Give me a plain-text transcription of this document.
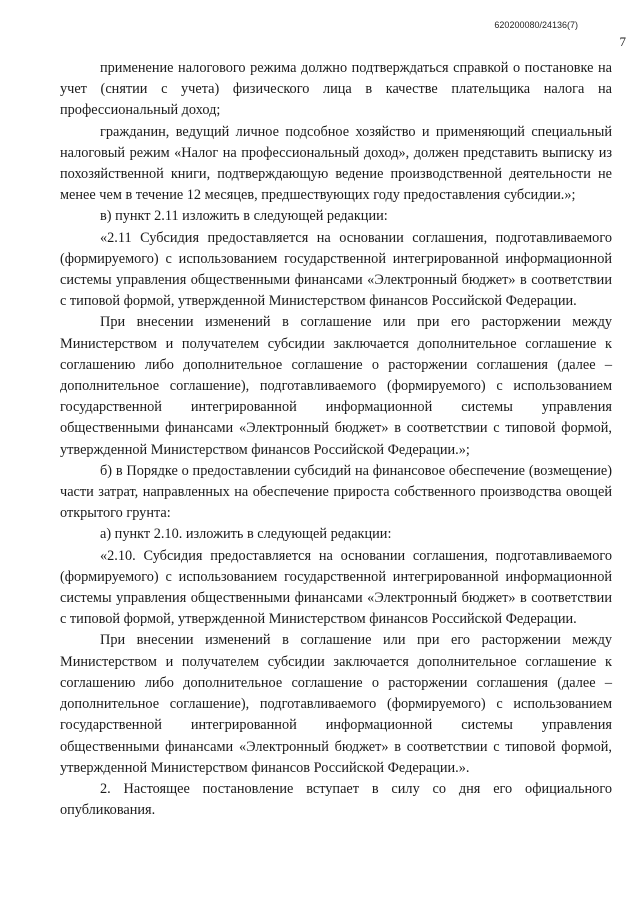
620200080/24136(7)
7

применение налогового режима должно подтверждаться справкой о постановке на учет (снятии с учета) физического лица в качестве плательщика налога на профессиональный доход;

гражданин, ведущий личное подсобное хозяйство и применяющий специальный налоговый режим «Налог на профессиональный доход», должен представить выписку из похозяйственной книги, подтверждающую ведение производственной деятельности не менее чем в течение 12 месяцев, предшествующих году предоставления субсидии.»;

в) пункт 2.11 изложить в следующей редакции:

«2.11 Субсидия предоставляется на основании соглашения, подготавливаемого (формируемого) с использованием государственной интегрированной информационной системы управления общественными финансами «Электронный бюджет» в соответствии с типовой формой, утвержденной Министерством финансов Российской Федерации.

При внесении изменений в соглашение или при его расторжении между Министерством и получателем субсидии заключается дополнительное соглашение к соглашению либо дополнительное соглашение о расторжении соглашения (далее – дополнительное соглашение), подготавливаемого (формируемого) с использованием государственной интегрированной информационной системы управления общественными финансами «Электронный бюджет» в соответствии с типовой формой, утвержденной Министерством финансов Российской Федерации.»;

б) в Порядке о предоставлении субсидий на финансовое обеспечение (возмещение) части затрат, направленных на обеспечение прироста собственного производства овощей открытого грунта:

а) пункт 2.10. изложить в следующей редакции:

«2.10. Субсидия предоставляется на основании соглашения, подготавливаемого (формируемого) с использованием государственной интегрированной информационной системы управления общественными финансами «Электронный бюджет» в соответствии с типовой формой, утвержденной Министерством финансов Российской Федерации.

При внесении изменений в соглашение или при его расторжении между Министерством и получателем субсидии заключается дополнительное соглашение к соглашению либо дополнительное соглашение о расторжении соглашения (далее – дополнительное соглашение), подготавливаемого (формируемого) с использованием государственной интегрированной информационной системы управления общественными финансами «Электронный бюджет» в соответствии с типовой формой, утвержденной Министерством финансов Российской Федерации.».

2. Настоящее постановление вступает в силу со дня его официального опубликования.
